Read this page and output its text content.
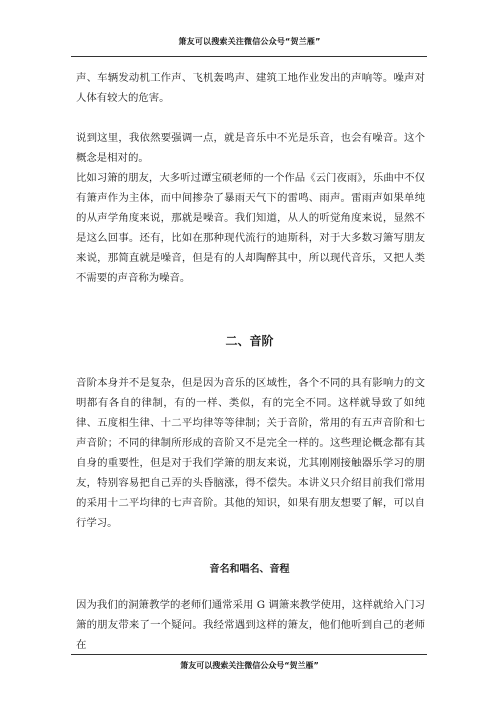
箫友可以搜索关注微信公众号“贺兰雁”

声、车辆发动机工作声、飞机轰鸣声、建筑工地作业发出的声响等。噪声对人体有较大的危害。

说到这里，我依然要强调一点，就是音乐中不光是乐音，也会有噪音。这个概念是相对的。

比如习箫的朋友，大多听过谭宝硕老师的一个作品《云门夜雨》，乐曲中不仅有箫声作为主体，而中间掺杂了暴雨天气下的雷鸣、雨声。雷雨声如果单纯的从声学角度来说，那就是噪音。我们知道，从人的听觉角度来说，显然不是这么回事。还有，比如在那种现代流行的迪斯科，对于大多数习箫写朋友来说，那简直就是噪音，但是有的人却陶醉其中，所以现代音乐，又把人类不需要的声音称为噪音。

二、音阶

音阶本身并不是复杂，但是因为音乐的区域性，各个不同的具有影响力的文明都有各自的律制，有的一样、类似，有的完全不同。这样就导致了如纯律、五度相生律、十二平均律等等律制；关于音阶，常用的有五声音阶和七声音阶；不同的律制所形成的音阶又不是完全一样的。这些理论概念都有其自身的重要性，但是对于我们学箫的朋友来说，尤其刚刚接触器乐学习的朋友，特别容易把自己弄的头昏脑涨，得不偿失。本讲义只介绍目前我们常用的采用十二平均律的七声音阶。其他的知识，如果有朋友想要了解，可以自行学习。

音名和唱名、音程

因为我们的洞箫教学的老师们通常采用 G 调箫来教学使用，这样就给入门习箫的朋友带来了一个疑问。我经常遇到这样的箫友，他们他听到自己的老师在

箫友可以搜索关注微信公众号“贺兰雁”
